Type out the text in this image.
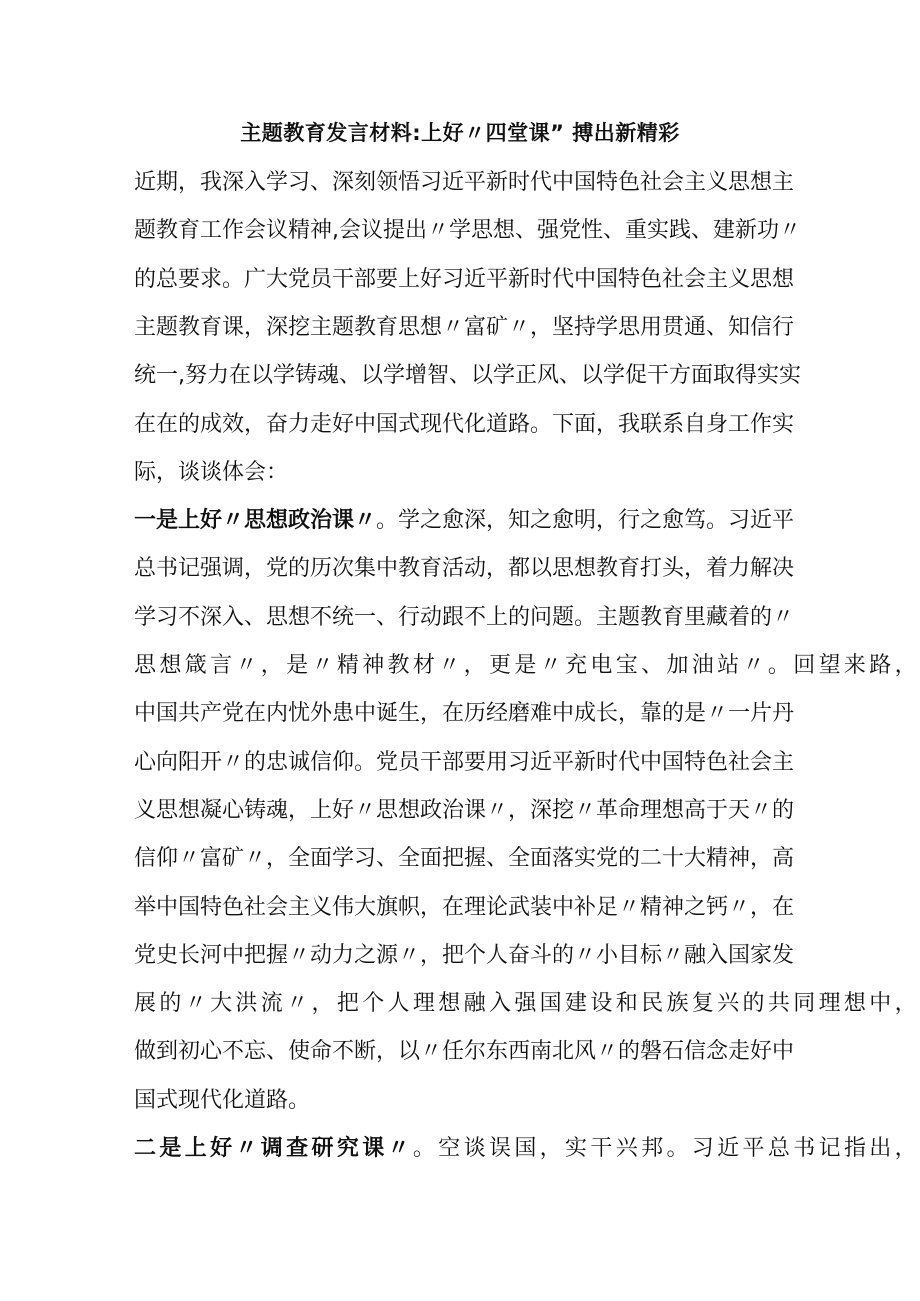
主题教育发言材料:上好〃四堂课” 搏出新精彩
近期，我深入学习、深刻领悟习近平新时代中国特色社会主义思想主
题教育工作会议精神,会议提出〃学思想、强党性、重实践、建新功〃
的总要求。广大党员干部要上好习近平新时代中国特色社会主义思想
主题教育课，深挖主题教育思想〃富矿〃，坚持学思用贯通、知信行
统一,努力在以学铸魂、以学增智、以学正风、以学促干方面取得实实
在在的成效，奋力走好中国式现代化道路。下面，我联系自身工作实
际，谈谈体会：
一是上好〃思想政治课〃。学之愈深，知之愈明，行之愈笃。习近平
总书记强调，党的历次集中教育活动，都以思想教育打头，着力解决
学习不深入、思想不统一、行动跟不上的问题。主题教育里藏着的〃
思想箴言〃，是〃精神教材〃，更是〃充电宝、加油站〃。回望来路，
中国共产党在内忧外患中诞生，在历经磨难中成长，靠的是〃一片丹
心向阳开〃的忠诚信仰。党员干部要用习近平新时代中国特色社会主
义思想凝心铸魂，上好〃思想政治课〃，深挖〃革命理想高于天〃的
信仰〃富矿〃，全面学习、全面把握、全面落实党的二十大精神，高
举中国特色社会主义伟大旗帜，在理论武装中补足〃精神之钙〃，在
党史长河中把握〃动力之源〃，把个人奋斗的〃小目标〃融入国家发
展的〃大洪流〃，把个人理想融入强国建设和民族复兴的共同理想中，
做到初心不忘、使命不断，以〃任尔东西南北风〃的磐石信念走好中
国式现代化道路。
二是上好〃调查研究课〃。空谈误国，实干兴邦。习近平总书记指出，
